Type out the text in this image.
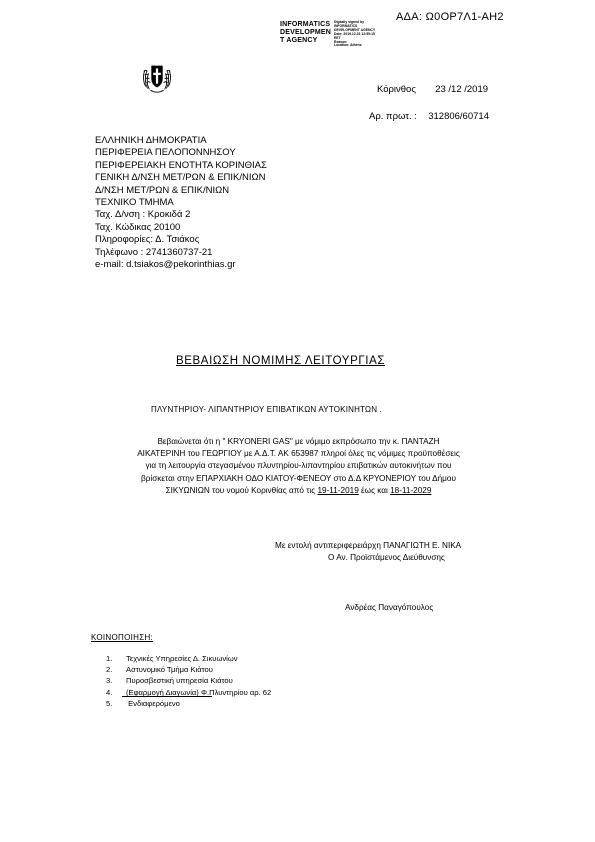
ΑΔΑ: Ω0ΟΡ7Λ1-ΑΗ2
INFORMATICS
DEVELOPMEN
T AGENCY
Digitally signed by
INFORMATICS
DEVELOPMENT AGENCY
Date: 2019.12.23 12:55:15
EET
Reason:
Location: Athens
Κόρινθος 23 /12 /2019
Αρ. πρωτ. : 312806/60714
ΕΛΛΗΝΙΚΗ ΔΗΜΟΚΡΑΤΙΑ
ΠΕΡΙΦΕΡΕΙΑ ΠΕΛΟΠΟΝΝΗΣΟΥ
ΠΕΡΙΦΕΡΕΙΑΚΗ ΕΝΟΤΗΤΑ ΚΟΡΙΝΘΙΑΣ
ΓΕΝΙΚΗ Δ/ΝΣΗ ΜΕΤ/ΡΩΝ & ΕΠΙΚ/ΝΙΩΝ
Δ/ΝΣΗ ΜΕΤ/ΡΩΝ & ΕΠΙΚ/ΝΙΩΝ
ΤΕΧΝΙΚΟ ΤΜΗΜΑ
Ταχ. Δ/νση : Κροκιδά 2
Ταχ. Κώδικας 20100
Πληροφορίες: Δ. Τσιάκος
Τηλέφωνο : 2741360737-21
e-mail: d.tsiakos@pekorinthias.gr
ΒΕΒΑΙΩΣΗ ΝΟΜΙΜΗΣ ΛΕΙΤΟΥΡΓΙΑΣ
ΠΛΥΝΤΗΡΙΟΥ- ΛΙΠΑΝΤΗΡΙΟΥ ΕΠΙΒΑΤΙΚΩΝ ΑΥΤΟΚΙΝΗΤΩΝ .
Βεβαιώνεται ότι η " KRYONERI GAS" με νόμιμο εκπρόσωπο την κ. ΠΑΝΤΑΖΗ
ΑΙΚΑΤΕΡΙΝΗ του ΓΕΩΡΓΙΟΥ με Α.Δ.Τ. ΑΚ 653987 πληροί όλες τις νόμιμες προϋποθέσεις
για τη λειτουργία στεγασμένου πλυντηρίου-λιπαντηρίου επιβατικών αυτοκινήτων που
βρίσκεται στην ΕΠΑΡΧΙΑΚΗ ΟΔΟ ΚΙΑΤΟΥ-ΦΕΝΕΟΥ στο Δ.Δ ΚΡΥΟΝΕΡΙΟΥ του Δήμου
ΣΙΚΥΩΝΙΩΝ του νομού Κορινθίας από τις 19-11-2019 έως και 18-11-2029
Με εντολή αντιπεριφερειάρχη ΠΑΝΑΓΙΩΤΗ Ε. ΝΙΚΑ
Ο Αν. Προϊστάμενος Διεύθυνσης
Ανδρέας Παναγόπουλος
ΚΟΙΝΟΠΟΙΗΣΗ:
1. Τεχνικές Υπηρεσίες Δ. Σικυωνίων
2. Αστυνομικό Τμήμα Κιάτου
3. Πυροσβεστική υπηρεσία Κιάτου
4. (Εφαρμογή Διαγωνία) Φ.Πλυντηρίου αρ. 62
5. Ενδιαφερόμενο
